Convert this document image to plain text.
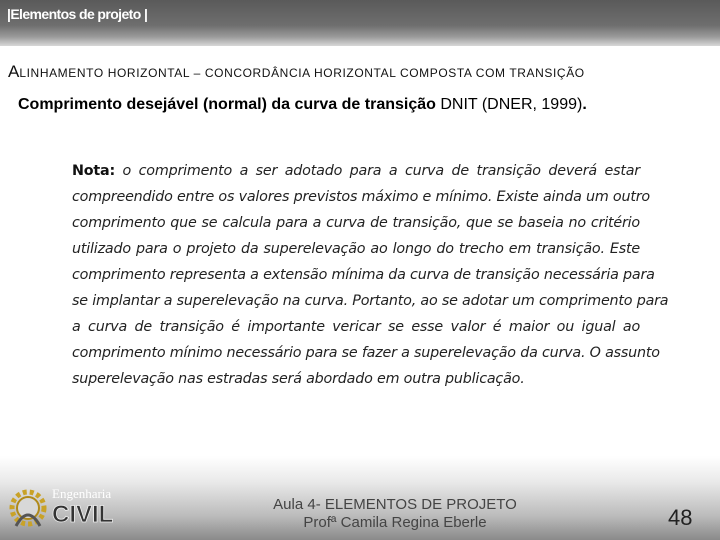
|Elementos de projeto |
ALINHAMENTO HORIZONTAL – CONCORDÂNCIA HORIZONTAL COMPOSTA COM TRANSIÇÃO
Comprimento desejável (normal) da curva de transição DNIT (DNER, 1999).
Nota: o comprimento a ser adotado para a curva de transição deverá estar
compreendido entre os valores previstos máximo e mínimo. Existe ainda um outro
comprimento que se calcula para a curva de transição, que se baseia no critério
utilizado para o projeto da superelevação ao longo do trecho em transição. Este
comprimento representa a extensão mínima da curva de transição necessária para
se implantar a superelevação na curva. Portanto, ao se adotar um comprimento para
a curva de transição é importante vericar se esse valor é maior ou igual ao
comprimento mínimo necessário para se fazer a superelevação da curva. O assunto
superelevação nas estradas será abordado em outra publicação.
Engenharia
CIVIL	Aula 4- ELEMENTOS DE PROJETO
Profª Camila Regina Eberle	48
